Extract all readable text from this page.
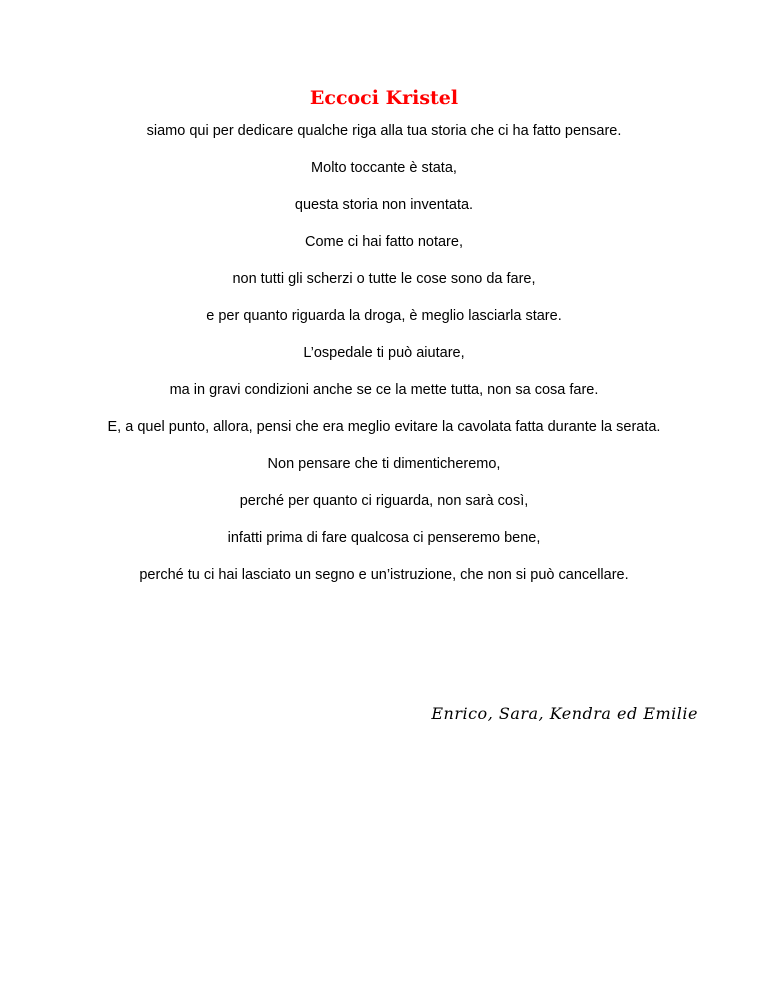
Eccoci Kristel
siamo qui per dedicare qualche riga alla tua storia che ci ha fatto pensare.
Molto toccante è stata,
questa storia non inventata.
Come ci hai fatto notare,
non tutti gli scherzi o tutte le cose sono da fare,
e per quanto riguarda la droga, è meglio lasciarla stare.
L’ospedale ti può aiutare,
ma in gravi condizioni anche se ce la mette tutta, non sa cosa fare.
E, a quel punto, allora, pensi che era meglio evitare la cavolata fatta durante la serata.
Non pensare che ti dimenticheremo,
perché per quanto ci riguarda, non sarà così,
infatti prima di fare qualcosa ci penseremo bene,
perché tu ci hai lasciato un segno e un’istruzione, che non si può cancellare.
Enrico, Sara, Kendra ed Emilie
